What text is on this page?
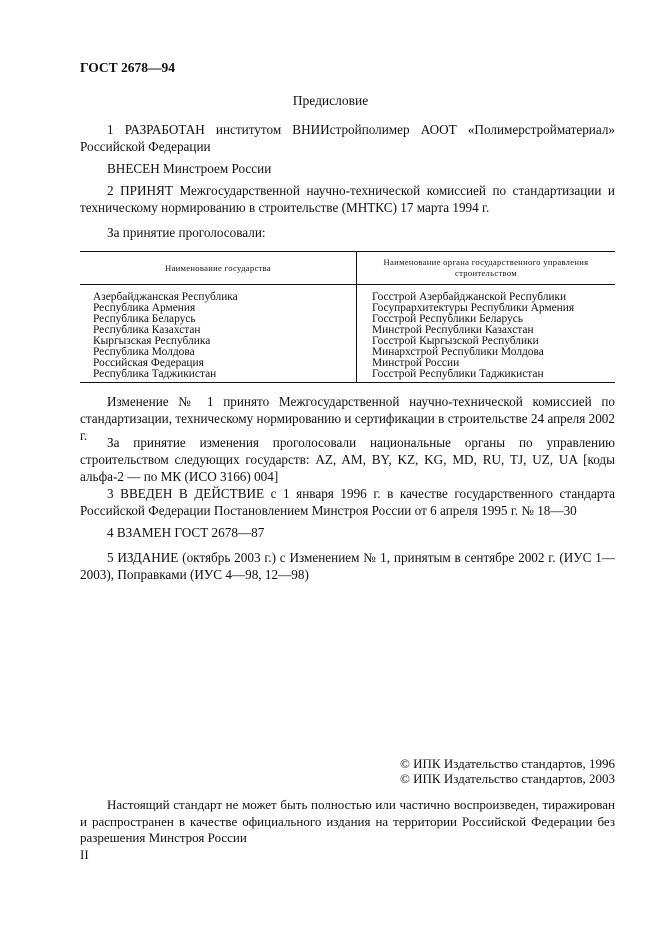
ГОСТ 2678—94
Предисловие
1 РАЗРАБОТАН институтом ВНИИстройполимер АООТ «Полимерстройматериал» Российской Федерации
ВНЕСЕН Минстроем России
2 ПРИНЯТ Межгосударственной научно-технической комиссией по стандартизации и техническому нормированию в строительстве (МНТКС) 17 марта 1994 г.
За принятие проголосовали:
Наименование государства	Наименование органа государственного управления строительством
Азербайджанская Республика	Госстрой Азербайджанской Республики
Республика Армения	Госупрархитектуры Республики Армения
Республика Беларусь	Госстрой Республики Беларусь
Республика Казахстан	Минстрой Республики Казахстан
Кыргызская Республика	Госстрой Кыргызской Республики
Республика Молдова	Минархстрой Республики Молдова
Российская Федерация	Минстрой России
Республика Таджикистан	Госстрой Республики Таджикистан
Изменение № 1 принято Межгосударственной научно-технической комиссией по стандартизации, техническому нормированию и сертификации в строительстве 24 апреля 2002 г.	За принятие изменения проголосовали национальные органы по управлению строительством следующих государств: AZ, AM, BY, KZ, KG, MD, RU, TJ, UZ, UA [коды альфа-2 — по МК (ИСО 3166) 004]
3 ВВЕДЕН В ДЕЙСТВИЕ с 1 января 1996 г. в качестве государственного стандарта Российской Федерации Постановлением Минстроя России от 6 апреля 1995 г. № 18—30
4 ВЗАМЕН ГОСТ 2678—87
5 ИЗДАНИЕ (октябрь 2003 г.) с Изменением № 1, принятым в сентябре 2002 г. (ИУС 1—2003), Поправками (ИУС 4—98, 12—98)
© ИПК Издательство стандартов, 1996
© ИПК Издательство стандартов, 2003
Настоящий стандарт не может быть полностью или частично воспроизведен, тиражирован и распространен в качестве официального издания на территории Российской Федерации без разрешения Минстроя России
II
